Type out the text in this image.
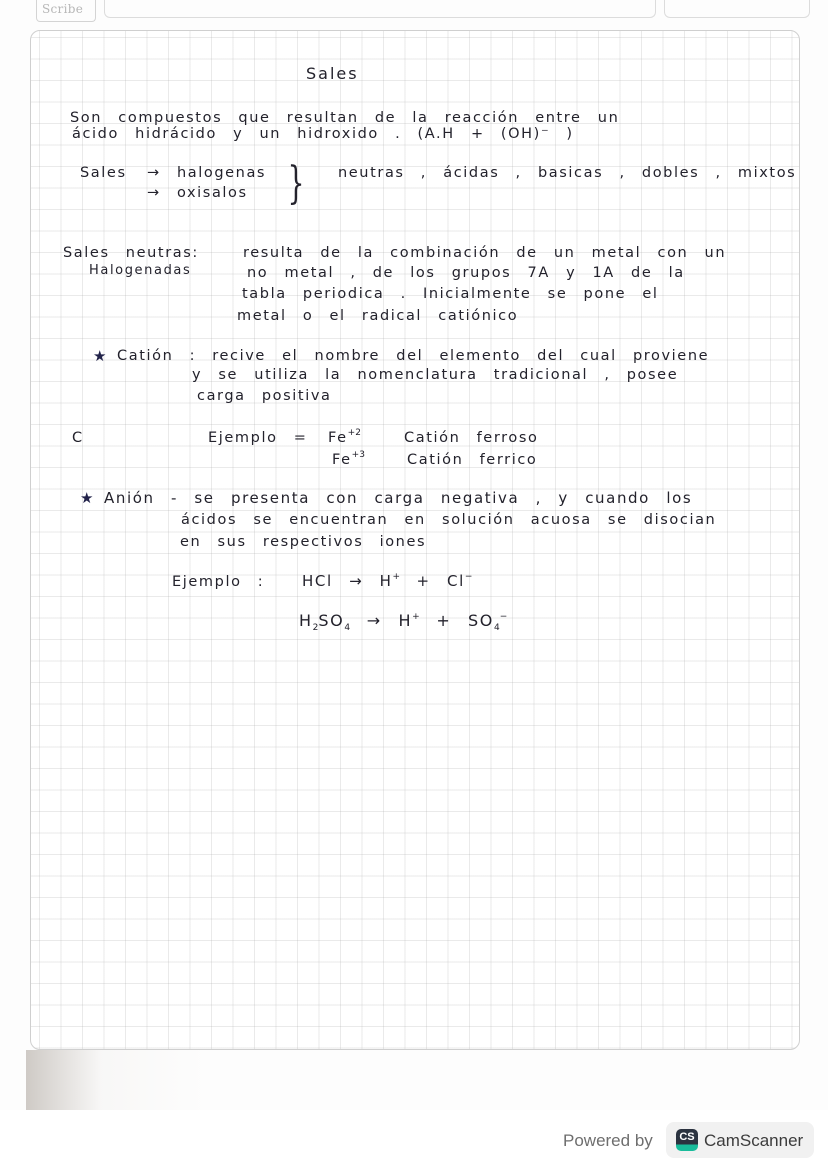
Scribe
Sales
Son compuestos que resultan de la reacción entre un
ácido hidrácido y un hidroxido . (A.H + (OH)⁻ )
Sales → halogenas
→ oxisalos } neutras , ácidas , basicas , dobles , mixtos
Sales neutras:
Halogenadas
resulta de la combinación de un metal con un
no metal , de los grupos 7A y 1A de la
tabla periodica . Inicialmente se pone el
metal o el radical catiónico
★ Catión : recive el nombre del elemento del cual proviene
y se utiliza la nomenclatura tradicional , posee
carga positiva
C	Ejemplo = $Fe^{+2}$	Catión ferroso
$Fe^{+3}$	Catión ferrico
★ Anión - se presenta con carga negativa , y cuando los
ácidos se encuentran en solución acuosa se disocian
en sus respectivos iones
Ejemplo :	HCl → H+ + Cl−
$H_2SO_4 \to H^+ + SO_4^-$
Powered by	CS CamScanner
